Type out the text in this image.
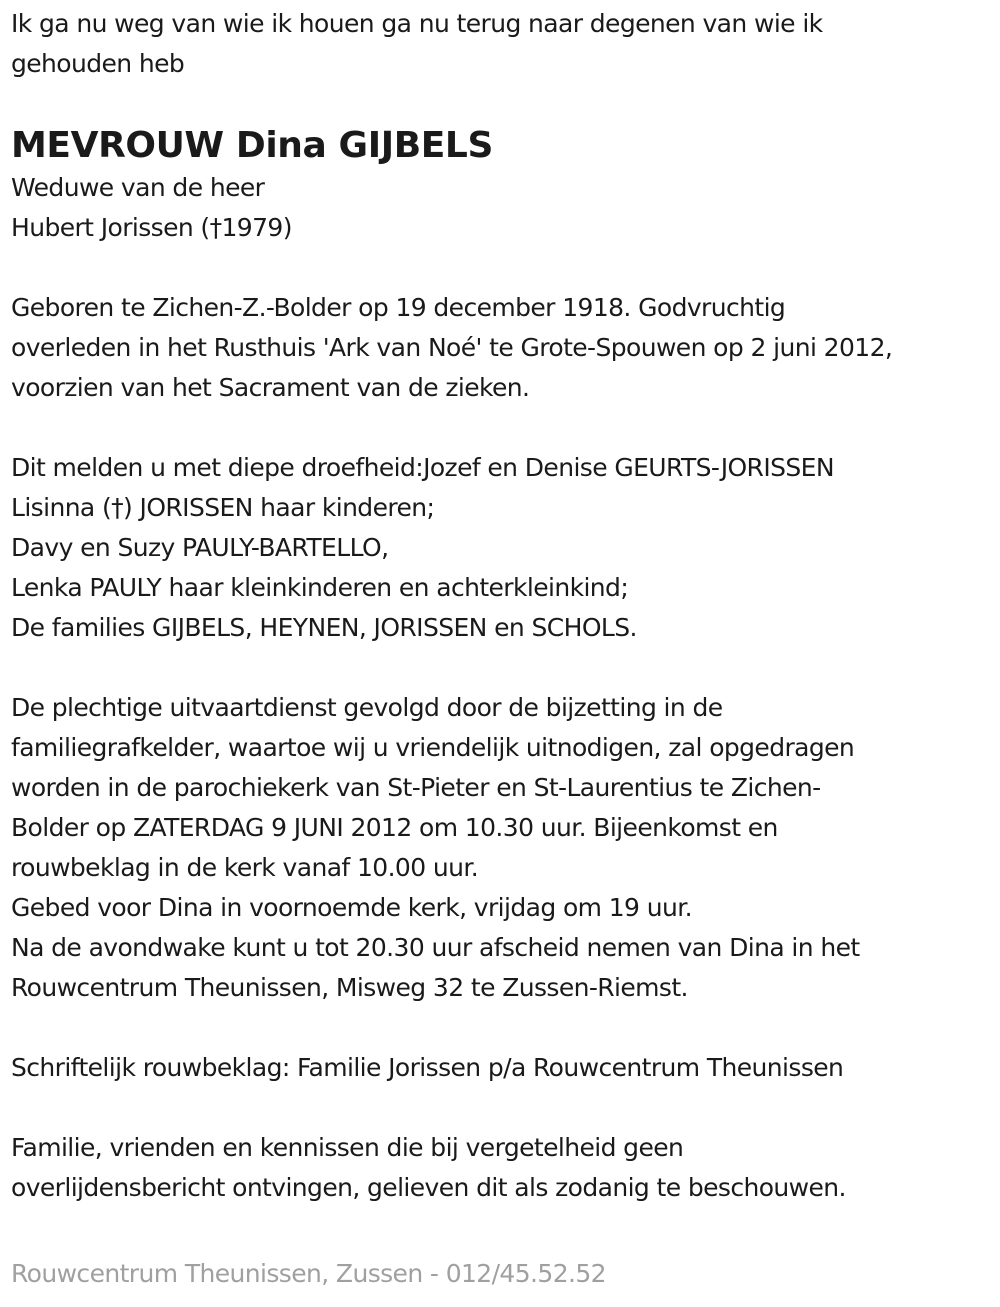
Ik ga nu weg van wie ik houen ga nu terug naar degenen van wie ik
gehouden heb
MEVROUW Dina GIJBELS
Weduwe van de heer
Hubert Jorissen (†1979)
Geboren te Zichen-Z.-Bolder op 19 december 1918. Godvruchtig
overleden in het Rusthuis 'Ark van Noé' te Grote-Spouwen op 2 juni 2012,
voorzien van het Sacrament van de zieken.
Dit melden u met diepe droefheid:Jozef en Denise GEURTS-JORISSEN
Lisinna (†) JORISSEN haar kinderen;
Davy en Suzy PAULY-BARTELLO,
Lenka PAULY haar kleinkinderen en achterkleinkind;
De families GIJBELS, HEYNEN, JORISSEN en SCHOLS.
De plechtige uitvaartdienst gevolgd door de bijzetting in de
familiegrafkelder, waartoe wij u vriendelijk uitnodigen, zal opgedragen
worden in de parochiekerk van St-Pieter en St-Laurentius te Zichen-
Bolder op ZATERDAG 9 JUNI 2012 om 10.30 uur. Bijeenkomst en
rouwbeklag in de kerk vanaf 10.00 uur.
Gebed voor Dina in voornoemde kerk, vrijdag om 19 uur.
Na de avondwake kunt u tot 20.30 uur afscheid nemen van Dina in het
Rouwcentrum Theunissen, Misweg 32 te Zussen-Riemst.
Schriftelijk rouwbeklag: Familie Jorissen p/a Rouwcentrum Theunissen
Familie, vrienden en kennissen die bij vergetelheid geen
overlijdensbericht ontvingen, gelieven dit als zodanig te beschouwen.
Rouwcentrum Theunissen, Zussen - 012/45.52.52
